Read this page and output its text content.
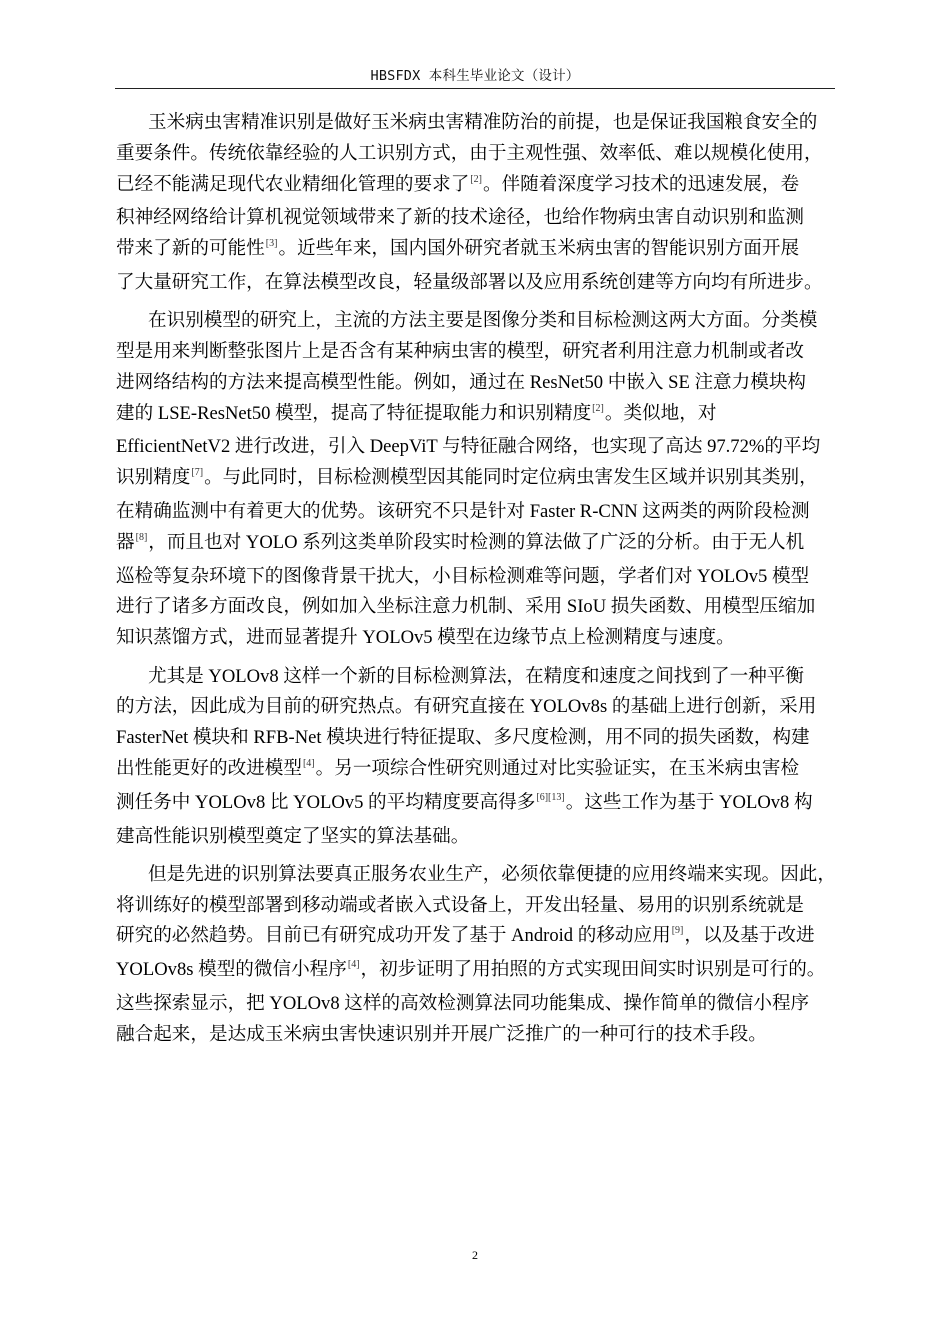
HBSFDX 本科生毕业论文（设计）
玉米病虫害精准识别是做好玉米病虫害精准防治的前提，也是保证我国粮食安全的
重要条件。传统依靠经验的人工识别方式，由于主观性强、效率低、难以规模化使用，
已经不能满足现代农业精细化管理的要求了[2]。伴随着深度学习技术的迅速发展，卷
积神经网络给计算机视觉领域带来了新的技术途径，也给作物病虫害自动识别和监测
带来了新的可能性[3]。近些年来，国内国外研究者就玉米病虫害的智能识别方面开展
了大量研究工作，在算法模型改良，轻量级部署以及应用系统创建等方向均有所进步。
在识别模型的研究上，主流的方法主要是图像分类和目标检测这两大方面。分类模
型是用来判断整张图片上是否含有某种病虫害的模型，研究者利用注意力机制或者改
进网络结构的方法来提高模型性能。例如，通过在 ResNet50 中嵌入 SE 注意力模块构
建的 LSE-ResNet50 模型，提高了特征提取能力和识别精度[2]。类似地，对
EfficientNetV2 进行改进，引入 DeepViT 与特征融合网络，也实现了高达 97.72%的平均
识别精度[7]。与此同时，目标检测模型因其能同时定位病虫害发生区域并识别其类别，
在精确监测中有着更大的优势。该研究不只是针对 Faster R-CNN 这两类的两阶段检测
器[8]，而且也对 YOLO 系列这类单阶段实时检测的算法做了广泛的分析。由于无人机
巡检等复杂环境下的图像背景干扰大，小目标检测难等问题，学者们对 YOLOv5 模型
进行了诸多方面改良，例如加入坐标注意力机制、采用 SIoU 损失函数、用模型压缩加
知识蒸馏方式，进而显著提升 YOLOv5 模型在边缘节点上检测精度与速度。
尤其是 YOLOv8 这样一个新的目标检测算法，在精度和速度之间找到了一种平衡
的方法，因此成为目前的研究热点。有研究直接在 YOLOv8s 的基础上进行创新，采用
FasterNet 模块和 RFB-Net 模块进行特征提取、多尺度检测，用不同的损失函数，构建
出性能更好的改进模型[4]。另一项综合性研究则通过对比实验证实，在玉米病虫害检
测任务中 YOLOv8 比 YOLOv5 的平均精度要高得多[6][13]。这些工作为基于 YOLOv8 构
建高性能识别模型奠定了坚实的算法基础。
但是先进的识别算法要真正服务农业生产，必须依靠便捷的应用终端来实现。因此，
将训练好的模型部署到移动端或者嵌入式设备上，开发出轻量、易用的识别系统就是
研究的必然趋势。目前已有研究成功开发了基于 Android 的移动应用[9]，以及基于改进
YOLOv8s 模型的微信小程序[4]，初步证明了用拍照的方式实现田间实时识别是可行的。
这些探索显示，把 YOLOv8 这样的高效检测算法同功能集成、操作简单的微信小程序
融合起来，是达成玉米病虫害快速识别并开展广泛推广的一种可行的技术手段。
2
